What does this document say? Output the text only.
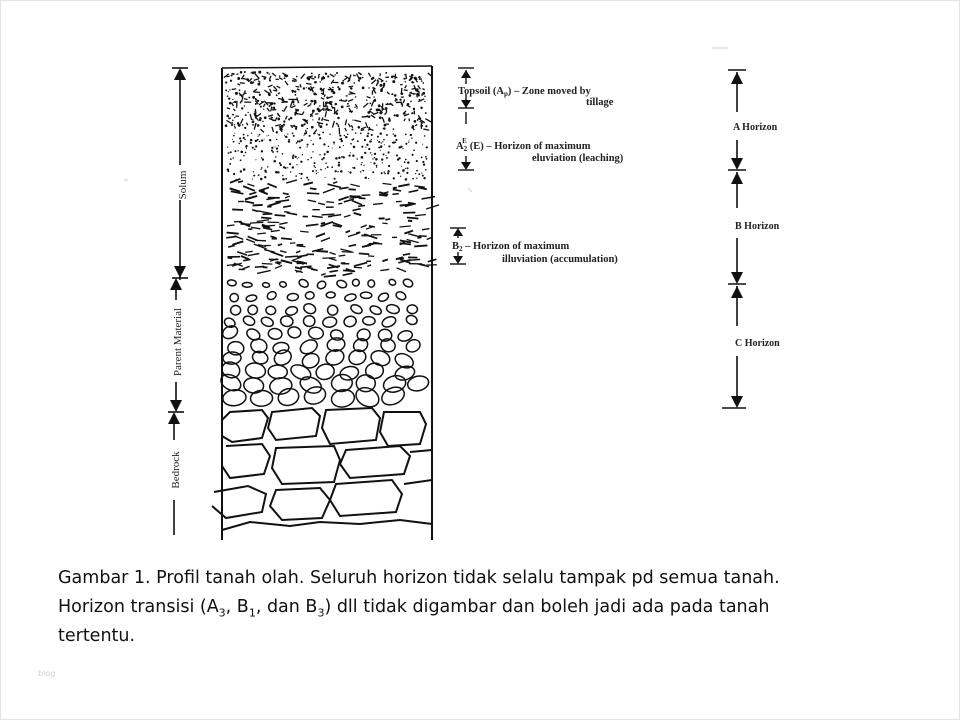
Solum
Parent Material
Bedrock
Topsoil (Ap) – Zone moved by
tillage
A2E (E) – Horizon of maximum
eluviation (leaching)
B2 – Horizon of maximum
illuviation (accumulation)
A Horizon
B Horizon
C Horizon
Gambar 1. Profil tanah olah. Seluruh horizon tidak selalu tampak pd semua tanah.
Horizon transisi ($A_3$, $B_1$, dan $B_3$) dll tidak digambar dan boleh jadi ada pada tanah
tertentu.
blog
